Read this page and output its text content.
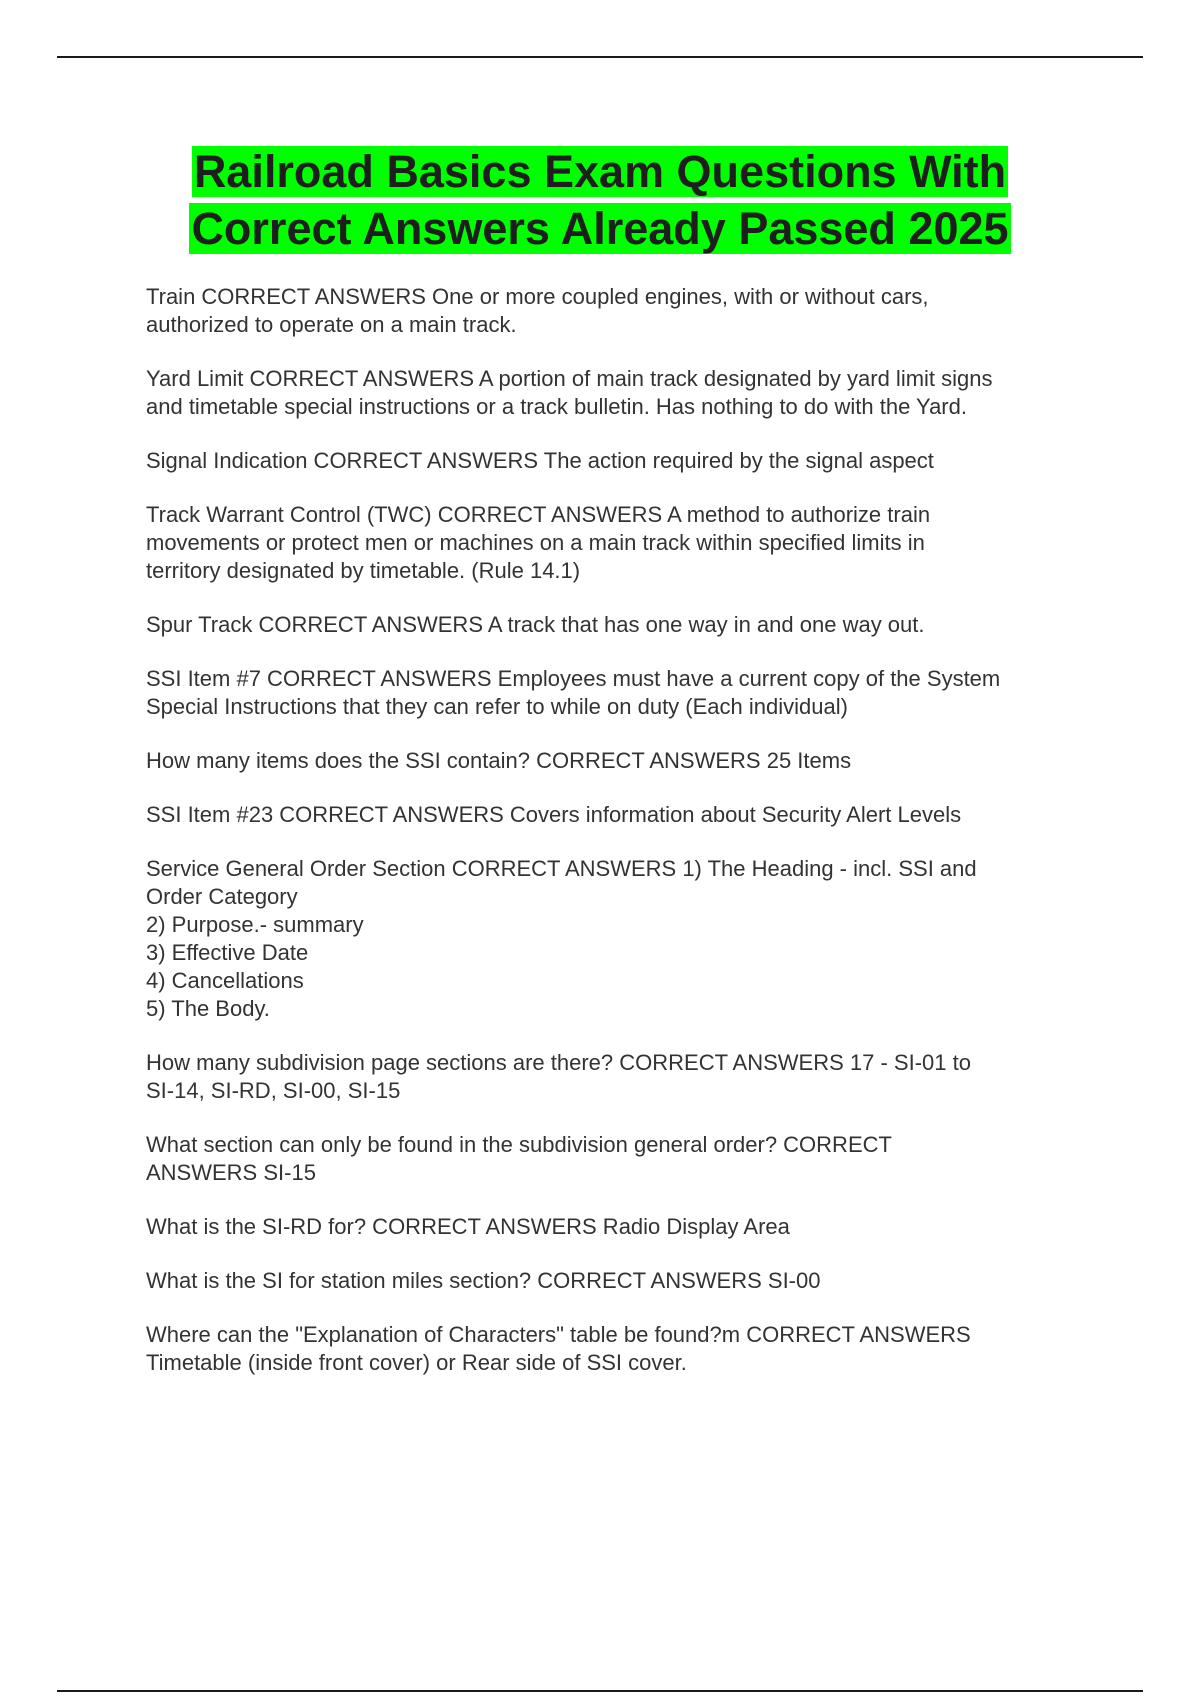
Railroad Basics Exam Questions With
Correct Answers Already Passed 2025

Train CORRECT ANSWERS One or more coupled engines, with or without cars,
authorized to operate on a main track.

Yard Limit CORRECT ANSWERS A portion of main track designated by yard limit signs
and timetable special instructions or a track bulletin. Has nothing to do with the Yard.

Signal Indication CORRECT ANSWERS The action required by the signal aspect

Track Warrant Control (TWC) CORRECT ANSWERS A method to authorize train
movements or protect men or machines on a main track within specified limits in
territory designated by timetable. (Rule 14.1)

Spur Track CORRECT ANSWERS A track that has one way in and one way out.

SSI Item #7 CORRECT ANSWERS Employees must have a current copy of the System
Special Instructions that they can refer to while on duty (Each individual)

How many items does the SSI contain? CORRECT ANSWERS 25 Items

SSI Item #23 CORRECT ANSWERS Covers information about Security Alert Levels

Service General Order Section CORRECT ANSWERS 1) The Heading - incl. SSI and
Order Category
2) Purpose.- summary
3) Effective Date
4) Cancellations
5) The Body.

How many subdivision page sections are there? CORRECT ANSWERS 17 - SI-01 to
SI-14, SI-RD, SI-00, SI-15

What section can only be found in the subdivision general order? CORRECT
ANSWERS SI-15

What is the SI-RD for? CORRECT ANSWERS Radio Display Area

What is the SI for station miles section? CORRECT ANSWERS SI-00

Where can the "Explanation of Characters" table be found?m CORRECT ANSWERS
Timetable (inside front cover) or Rear side of SSI cover.
